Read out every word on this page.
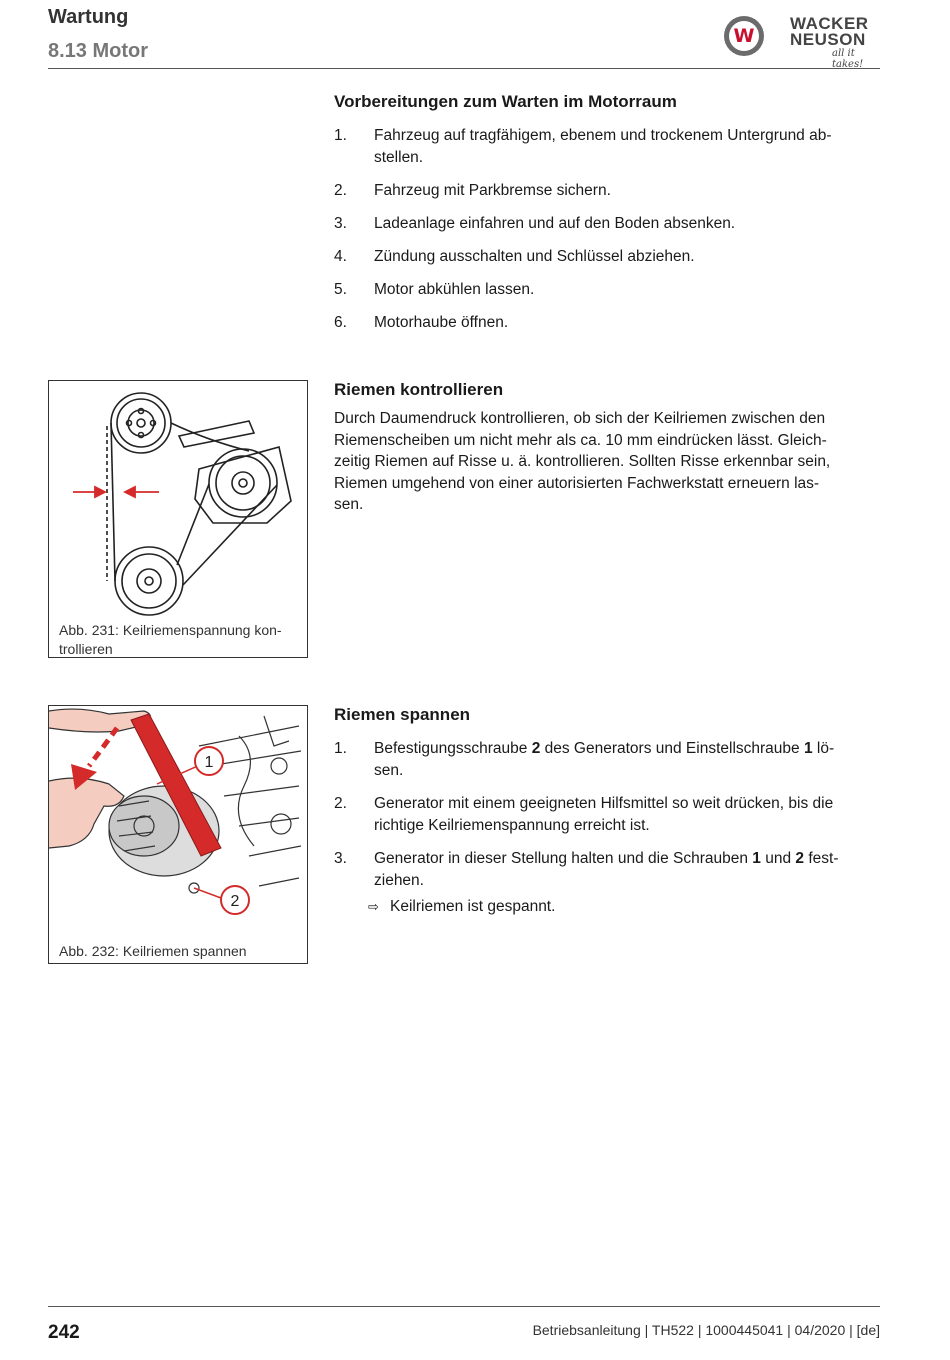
Wartung
8.13 Motor
W
WACKER
NEUSON
all it takes!
Vorbereitungen zum Warten im Motorraum
1. Fahrzeug auf tragfähigem, ebenem und trockenem Untergrund ab-
stellen.
2. Fahrzeug mit Parkbremse sichern.
3. Ladeanlage einfahren und auf den Boden absenken.
4. Zündung ausschalten und Schlüssel abziehen.
5. Motor abkühlen lassen.
6. Motorhaube öffnen.
Abb. 231: Keilriemenspannung kon-
trollieren
Riemen kontrollieren
Durch Daumendruck kontrollieren, ob sich der Keilriemen zwischen den
Riemenscheiben um nicht mehr als ca. 10 mm eindrücken lässt. Gleich-
zeitig Riemen auf Risse u. ä. kontrollieren. Sollten Risse erkennbar sein,
Riemen umgehend von einer autorisierten Fachwerkstatt erneuern las-
sen.
1
2
Abb. 232: Keilriemen spannen
Riemen spannen
1. Befestigungsschraube 2 des Generators und Einstellschraube 1 lö-
sen.
2. Generator mit einem geeigneten Hilfsmittel so weit drücken, bis die
richtige Keilriemenspannung erreicht ist.
3. Generator in dieser Stellung halten und die Schrauben 1 und 2 fest-
ziehen.
⇨ Keilriemen ist gespannt.
242	Betriebsanleitung | TH522 | 1000445041 | 04/2020 | [de]
